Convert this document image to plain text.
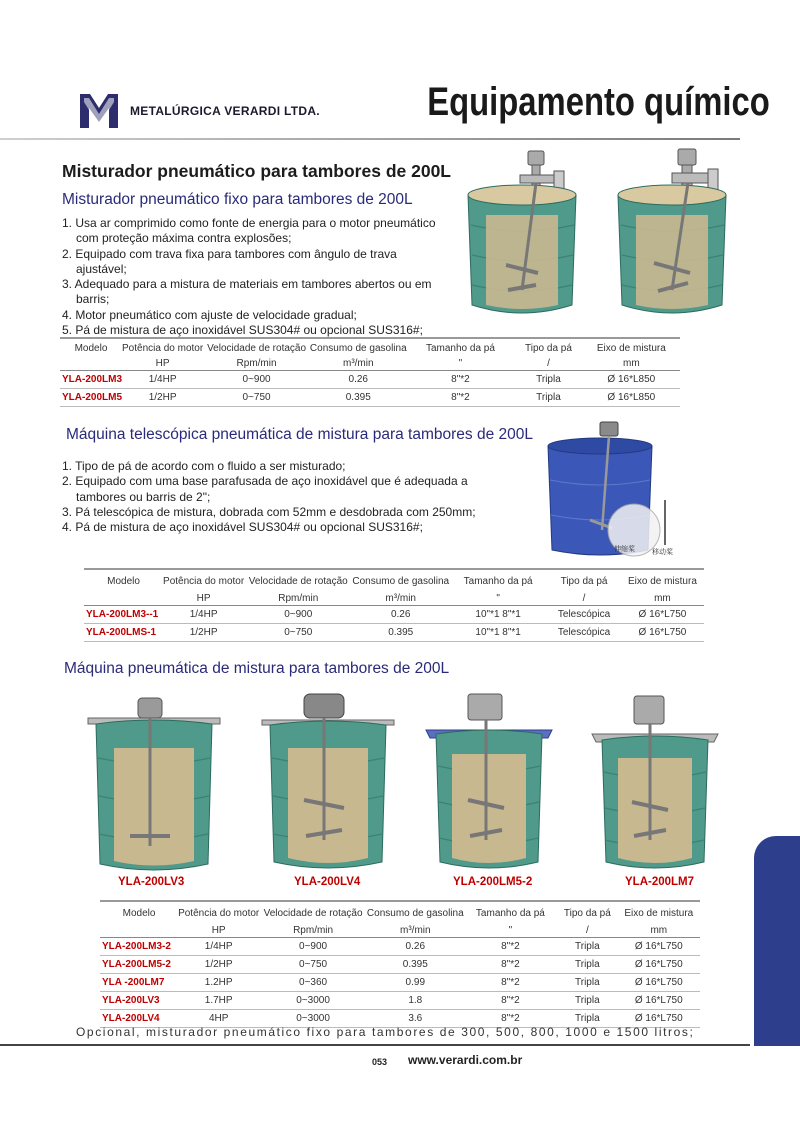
METALÚRGICA VERARDI LTDA.	Equipamento químico
Misturador pneumático para tambores de 200L
Misturador pneumático fixo para tambores de 200L
1. Usa ar comprimido como fonte de energia para o motor pneumático
com proteção máxima contra explosões;
2. Equipado com trava fixa para tambores com ângulo de trava
ajustável;
3. Adequado para a mistura de materiais em tambores abertos ou em
barris;
4. Motor pneumático com ajuste de velocidade gradual;
5. Pá de mistura de aço inoxidável SUS304# ou opcional SUS316#;
Modelo	Potência do motor	Velocidade de rotação	Consumo de gasolina	Tamanho da pá	Tipo da pá	Eixo de mistura
	HP	Rpm/min	m³/min	"	/	mm
YLA-200LM3	1/4HP	0~900	0.26	8"*2	Tripla	Ø 16*L850
YLA-200LM5	1/2HP	0~750	0.395	8"*2	Tripla	Ø 16*L850
Máquina telescópica pneumática de mistura para tambores de 200L
1. Tipo de pá de acordo com o fluido a ser misturado;
2. Equipado com uma base parafusada de aço inoxidável que é adequada a
tambores ou barris de 2";
3. Pá telescópica de mistura, dobrada com 52mm e desdobrada com 250mm;
4. Pá de mistura de aço inoxidável SUS304# ou opcional SUS316#;
伸缩桨 移动桨
Modelo	Potência do motor	Velocidade de rotação	Consumo de gasolina	Tamanho da pá	Tipo da pá	Eixo de mistura
	HP	Rpm/min	m³/min	"	/	mm
YLA-200LM3--1	1/4HP	0~900	0.26	10"*1 8"*1	Telescópica	Ø 16*L750
YLA-200LMS-1	1/2HP	0~750	0.395	10"*1 8"*1	Telescópica	Ø 16*L750
Máquina pneumática de mistura para tambores de 200L
YLA-200LV3	YLA-200LV4	YLA-200LM5-2	YLA-200LM7
Modelo	Potência do motor	Velocidade de rotação	Consumo de gasolina	Tamanho da pá	Tipo da pá	Eixo de mistura
	HP	Rpm/min	m³/min	"	/	mm
YLA-200LM3-2	1/4HP	0~900	0.26	8"*2	Tripla	Ø 16*L750
YLA-200LM5-2	1/2HP	0~750	0.395	8"*2	Tripla	Ø 16*L750
YLA -200LM7	1.2HP	0~360	0.99	8"*2	Tripla	Ø 16*L750
YLA-200LV3	1.7HP	0~3000	1.8	8"*2	Tripla	Ø 16*L750
YLA-200LV4	4HP	0~3000	3.6	8"*2	Tripla	Ø 16*L750
Opcional, misturador pneumático fixo para tambores de 300, 500, 800, 1000 e 1500 litros;
053 www.verardi.com.br
